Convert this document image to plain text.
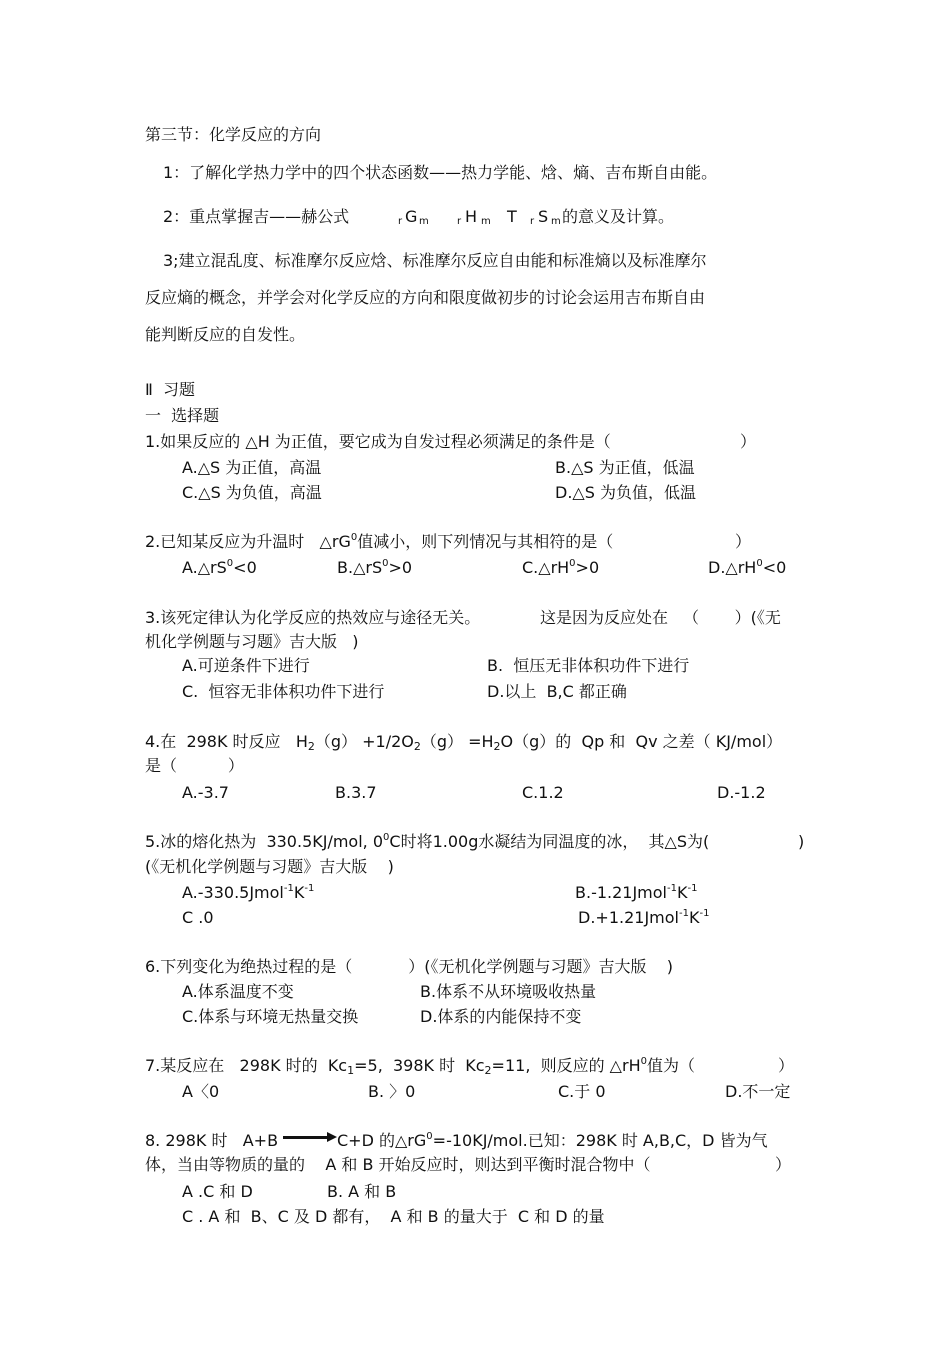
第三节：化学反应的方向
1：了解化学热力学中的四个状态函数——热力学能、焓、熵、吉布斯自由能。
2：重点掌握吉——赫公式	r G m	r H m T r S m 的意义及计算。
3;建立混乱度、标准摩尔反应焓、标准摩尔反应自由能和标准熵以及标准摩尔
反应熵的概念，并学会对化学反应的方向和限度做初步的讨论会运用吉布斯自由
能判断反应的自发性。
Ⅱ  习题
一  选择题
1.如果反应的 △H 为正值，要它成为自发过程必须满足的条件是（	）
A.△S 为正值，高温	B.△S 为正值，低温
C.△S 为负值，高温	D.△S 为负值，低温
2.已知某反应为升温时 $\triangle rG^0$值减小，则下列情况与其相符的是（	）
$A.\triangle rS^0<0$	$B.\triangle rS^0>0$	$C.\triangle rH^0>0$	$D.\triangle rH^0<0$
3.该死定律认为化学反应的热效应与途径无关。	这是因为反应处在 （       ）(《无
机化学例题与习题》吉大版   )
A.可逆条件下进行	B.  恒压无非体积功件下进行
C.  恒容无非体积功件下进行	D.以上  B,C 都正确
4.在  298K 时反应   $H_2(g) +1/2O_2(g) =H_2O(g)$的  Qp 和  Qv 之差（ KJ/mol）
是（          ）
A.-3.7	B.3.7	C.1.2	D.-1.2
5.冰的熔化热为  330.5KJ/mol, $0^0C$时将1.00g水凝结为同温度的冰，  其△S为(	)
(《无机化学例题与习题》吉大版    )
$A.-330.5Jmol^{-1}K^{-1}$	$B.-1.21Jmol^{-1}K^{-1}$
C .0	$D.+1.21Jmol^{-1}K^{-1}$
6.下列变化为绝热过程的是（           ）(《无机化学例题与习题》吉大版    )
A.体系温度不变	B.体系不从环境吸收热量
C.体系与环境无热量交换	D.体系的内能保持不变
7.某反应在   298K 时的  $Kc_1=5$,  398K 时  $Kc_2=11$,  则反应的 $\triangle rH^0$值为（	）
A〈0	B. 〉0	C.于 0	D.不一定
8. 298K 时   A+B → C+D 的$\triangle rG^0=-10KJ$/mol.已知：298K 时 A,B,C，D 皆为气
体，当由等物质的量的    A 和 B 开始反应时，则达到平衡时混合物中（	）
A .C 和 D	B. A 和 B
C . A 和  B、C 及 D 都有，  A 和 B 的量大于  C 和 D 的量
